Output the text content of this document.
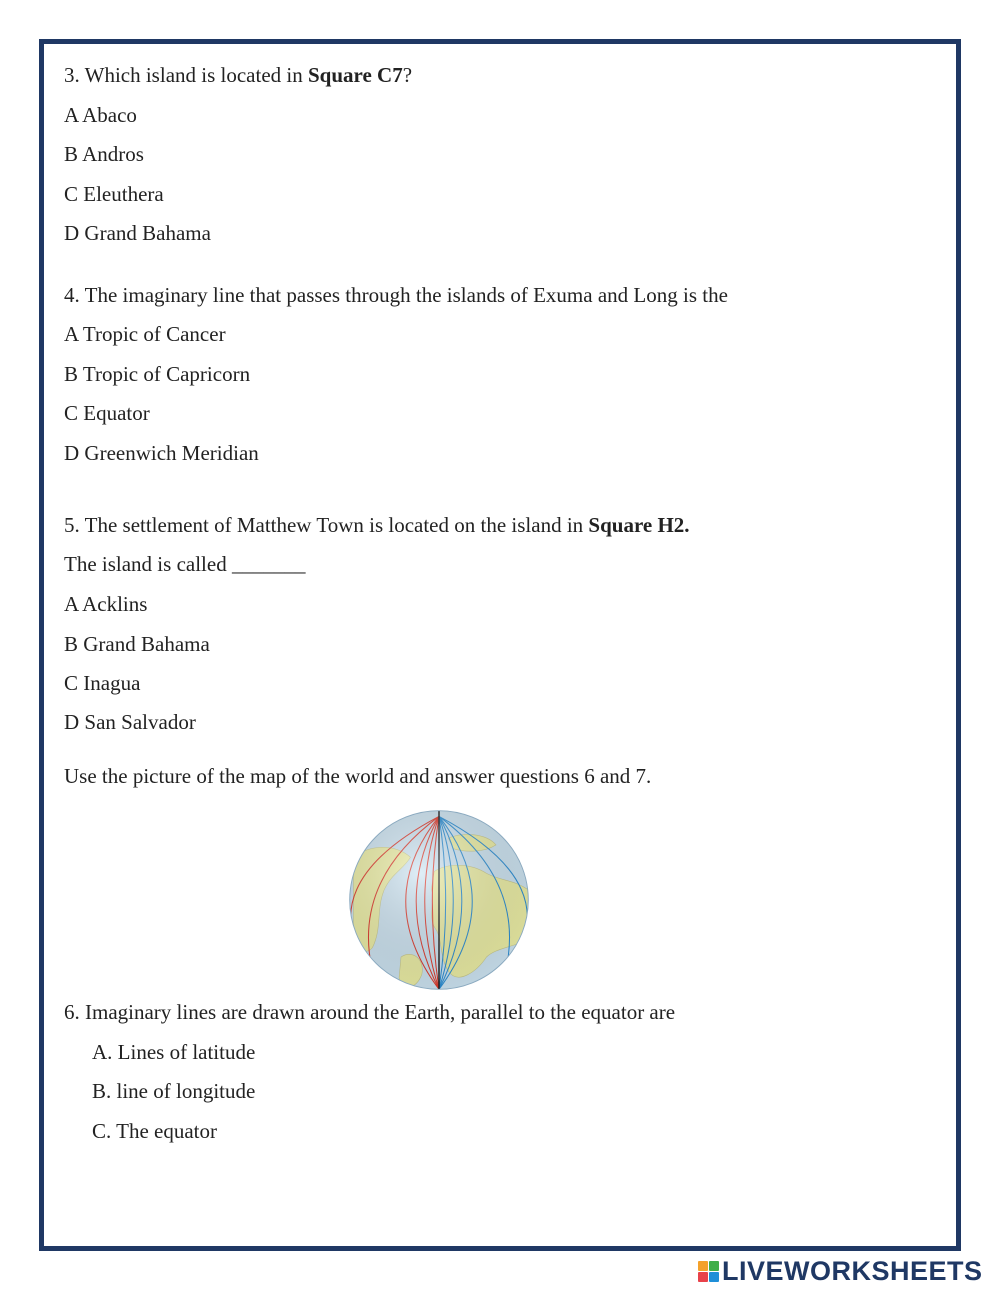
3. Which island is located in Square C7?
A Abaco
B Andros
C Eleuthera
D Grand Bahama
4. The imaginary line that passes through the islands of Exuma and Long is the
A Tropic of Cancer
B Tropic of Capricorn
C Equator
D Greenwich Meridian
5. The settlement of Matthew Town is located on the island in Square H2.
The island is called _______
A Acklins
B Grand Bahama
C Inagua
D San Salvador
Use the picture of the map of the world and answer questions 6 and 7.
6. Imaginary lines are drawn around the Earth, parallel to the equator are
A. Lines of latitude
B. line of longitude
C. The equator
LIVEWORKSHEETS
